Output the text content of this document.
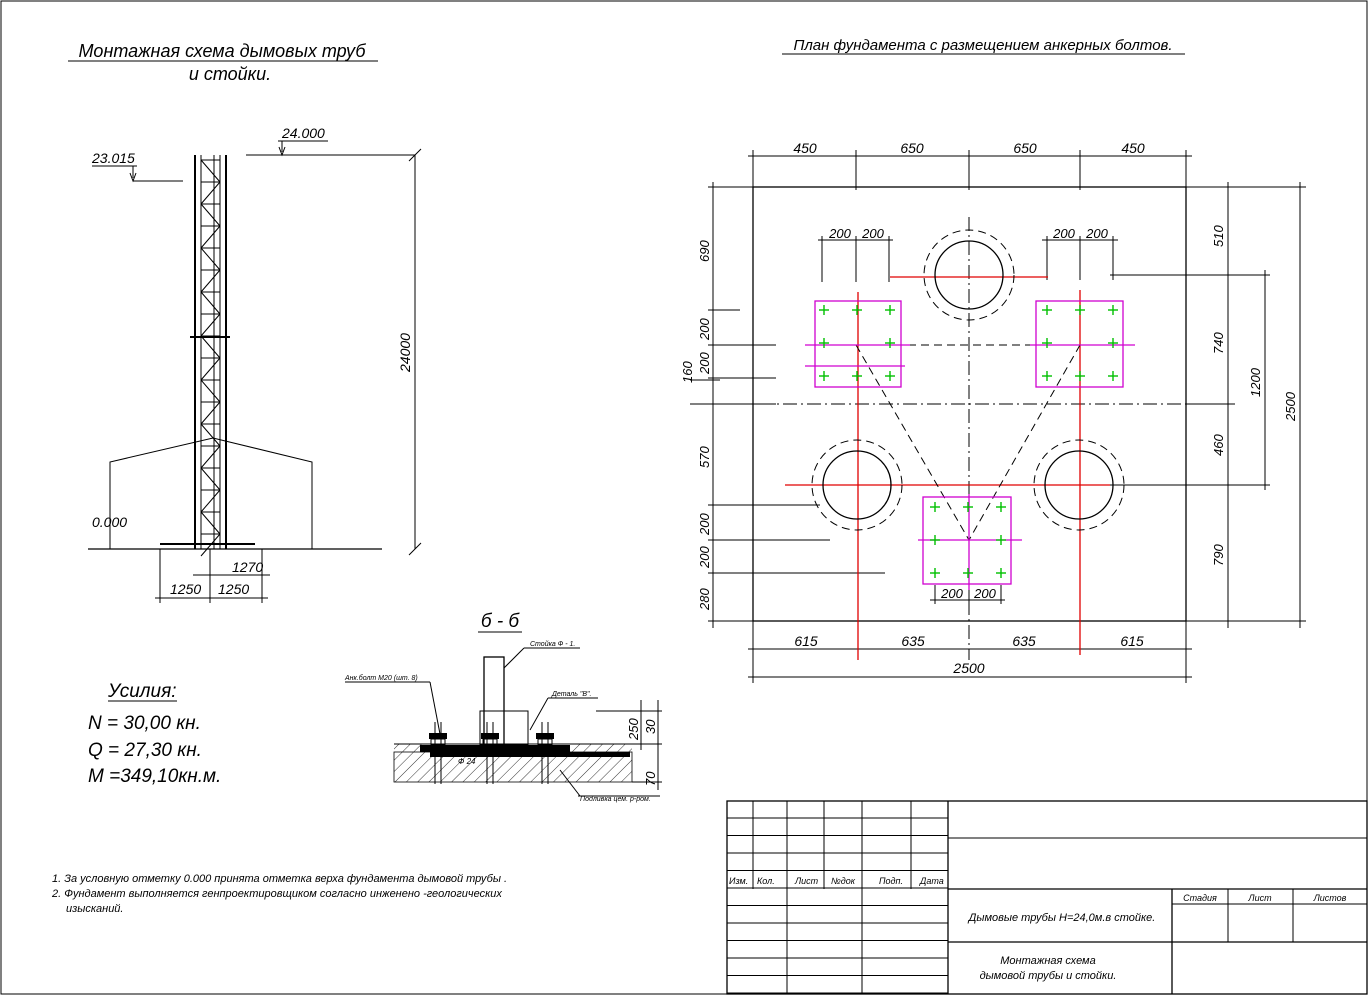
Монтажная схема дымовых труб
и стойки.
План фундамента с размещением анкерных болтов.
24.000
23.015
0.000
24000
1270
1250 1250
Усилия:
N = 30,00 кн.
Q = 27,30 кн.
M =349,10кн.м.
1. За условную отметку 0.000 принята отметка верха фундамента дымовой трубы .
2. Фундамент выполняется генпроектировщиком согласно инженено -геологических
изысканий.
б - б
Стойка Ф - 1.
Анк.болт М20 (шт. 8)
Деталь "В".
Ф 24
Подливка цем. р-ром.
250 30
70
450	650	650	450
200 200	200 200
200 200
690
200
200
160
570
200
200
280
510
740
460
790
1200
2500
615	635	635	615
2500
Изм. Кол. Лист №док	Подп. Дата
Стадия	Лист	Листов
Дымовые трубы H=24,0м.в стойке.
Монтажная схема
дымовой трубы и стойки.
